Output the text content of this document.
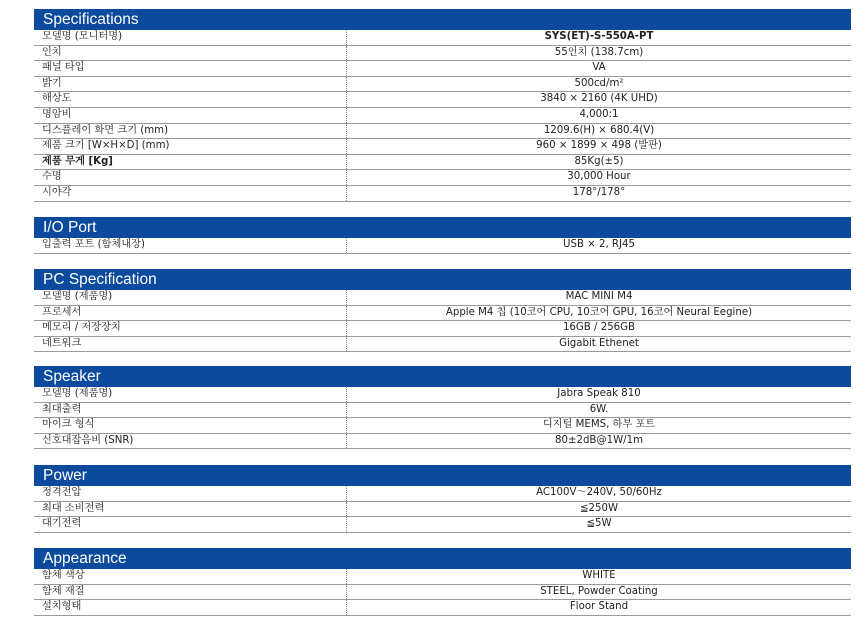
Specifications
모델명 (모니터명)	SYS(ET)-S-550A-PT
인치	55인치 (138.7cm)
패널 타입	VA
밝기	500cd/m²
해상도	3840 × 2160 (4K UHD)
명암비	4,000:1
디스플레이 화면 크기 (mm)	1209.6(H) × 680.4(V)
제품 크기 [W×H×D] (mm)	960 × 1899 × 498 (발판)
제품 무게 [Kg]	85Kg(±5)
수명	30,000 Hour
시야각	178°/178°
I/O Port
입출력 포트 (함체내장)	USB × 2, RJ45
PC Specification
모델명 (제품명)	MAC MINI M4
프로세서	Apple M4 칩 (10코어 CPU, 10코어 GPU, 16코어 Neural Eegine)
메모리 / 저장장치	16GB / 256GB
네트워크	Gigabit Ethenet
Speaker
모델명 (제품명)	Jabra Speak 810
최대출력	6W.
마이크 형식	디지털 MEMS, 하부 포트
신호대잡음비 (SNR)	80±2dB@1W/1m
Power
정격전압	AC100V～240V, 50/60Hz
최대 소비전력	≦250W
대기전력	≦5W
Appearance
함체 색상	WHITE
함체 재질	STEEL, Powder Coating
설치형태	Floor Stand
